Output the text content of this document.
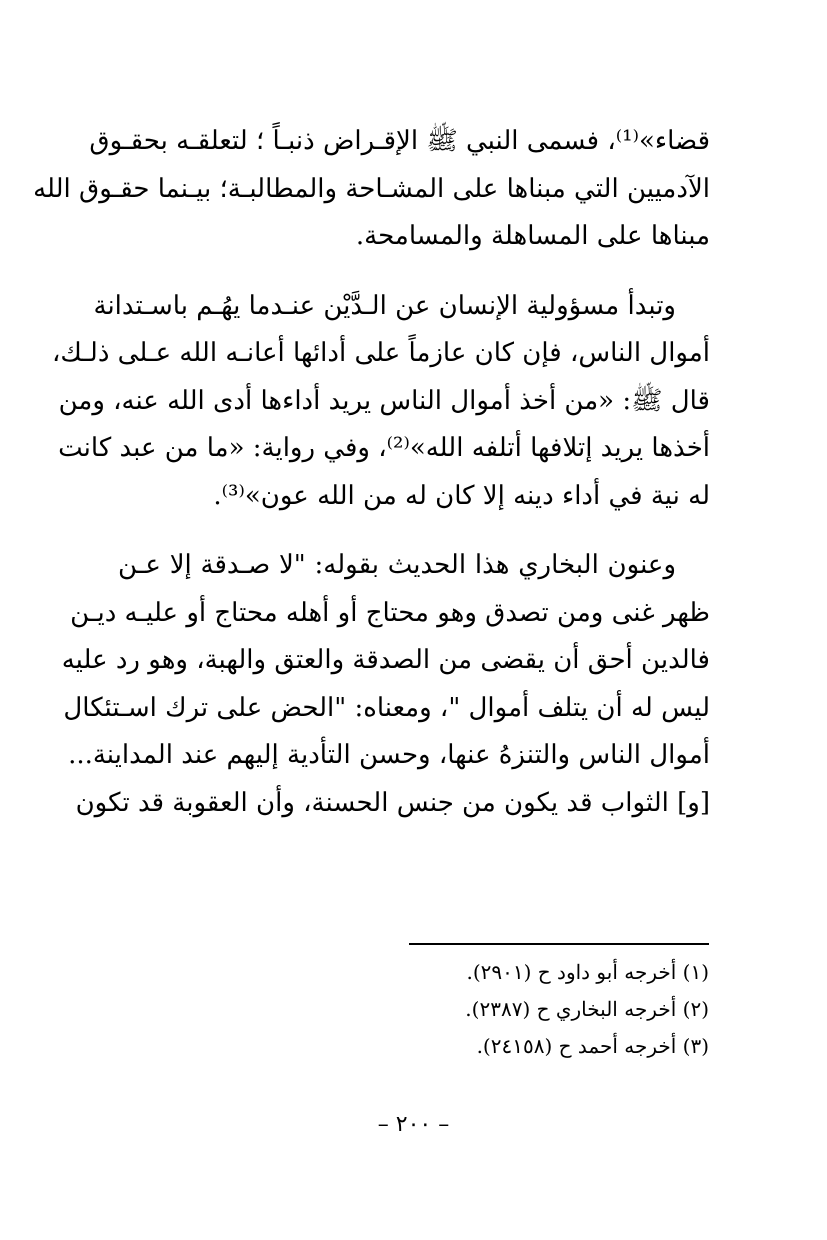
قضاء»⁽¹⁾، فسمى النبي ﷺ الإقـراض ذنبـاً ؛ لتعلقـه بحقـوق
الآدميين التي مبناها على المشـاحة والمطالبـة؛ بيـنما حقـوق الله
مبناها على المساهلة والمسامحة.

وتبدأ مسؤولية الإنسان عن الـدَّيْن عنـدما يهُـم باسـتدانة
أموال الناس، فإن كان عازماً على أدائها أعانـه الله عـلى ذلـك،
قال ﷺ: «من أخذ أموال الناس يريد أداءها أدى الله عنه، ومن
أخذها يريد إتلافها أتلفه الله»⁽²⁾، وفي رواية: «ما من عبد كانت
له نية في أداء دينه إلا كان له من الله عون»⁽³⁾.

وعنون البخاري هذا الحديث بقوله: "لا صـدقة إلا عـن
ظهر غنى ومن تصدق وهو محتاج أو أهله محتاج أو عليـه ديـن
فالدين أحق أن يقضى من الصدقة والعتق والهبة، وهو رد عليه
ليس له أن يتلف أموال "، ومعناه: "الحض على ترك اسـتئكال
أموال الناس والتنزهُ عنها، وحسن التأدية إليهم عند المداينة...
[و] الثواب قد يكون من جنس الحسنة، وأن العقوبة قد تكون

(١) أخرجه أبو داود ح (٢٩٠١).
(٢) أخرجه البخاري ح (٢٣٨٧).
(٣) أخرجه أحمد ح (٢٤١٥٨).
– ٢٠٠ –
